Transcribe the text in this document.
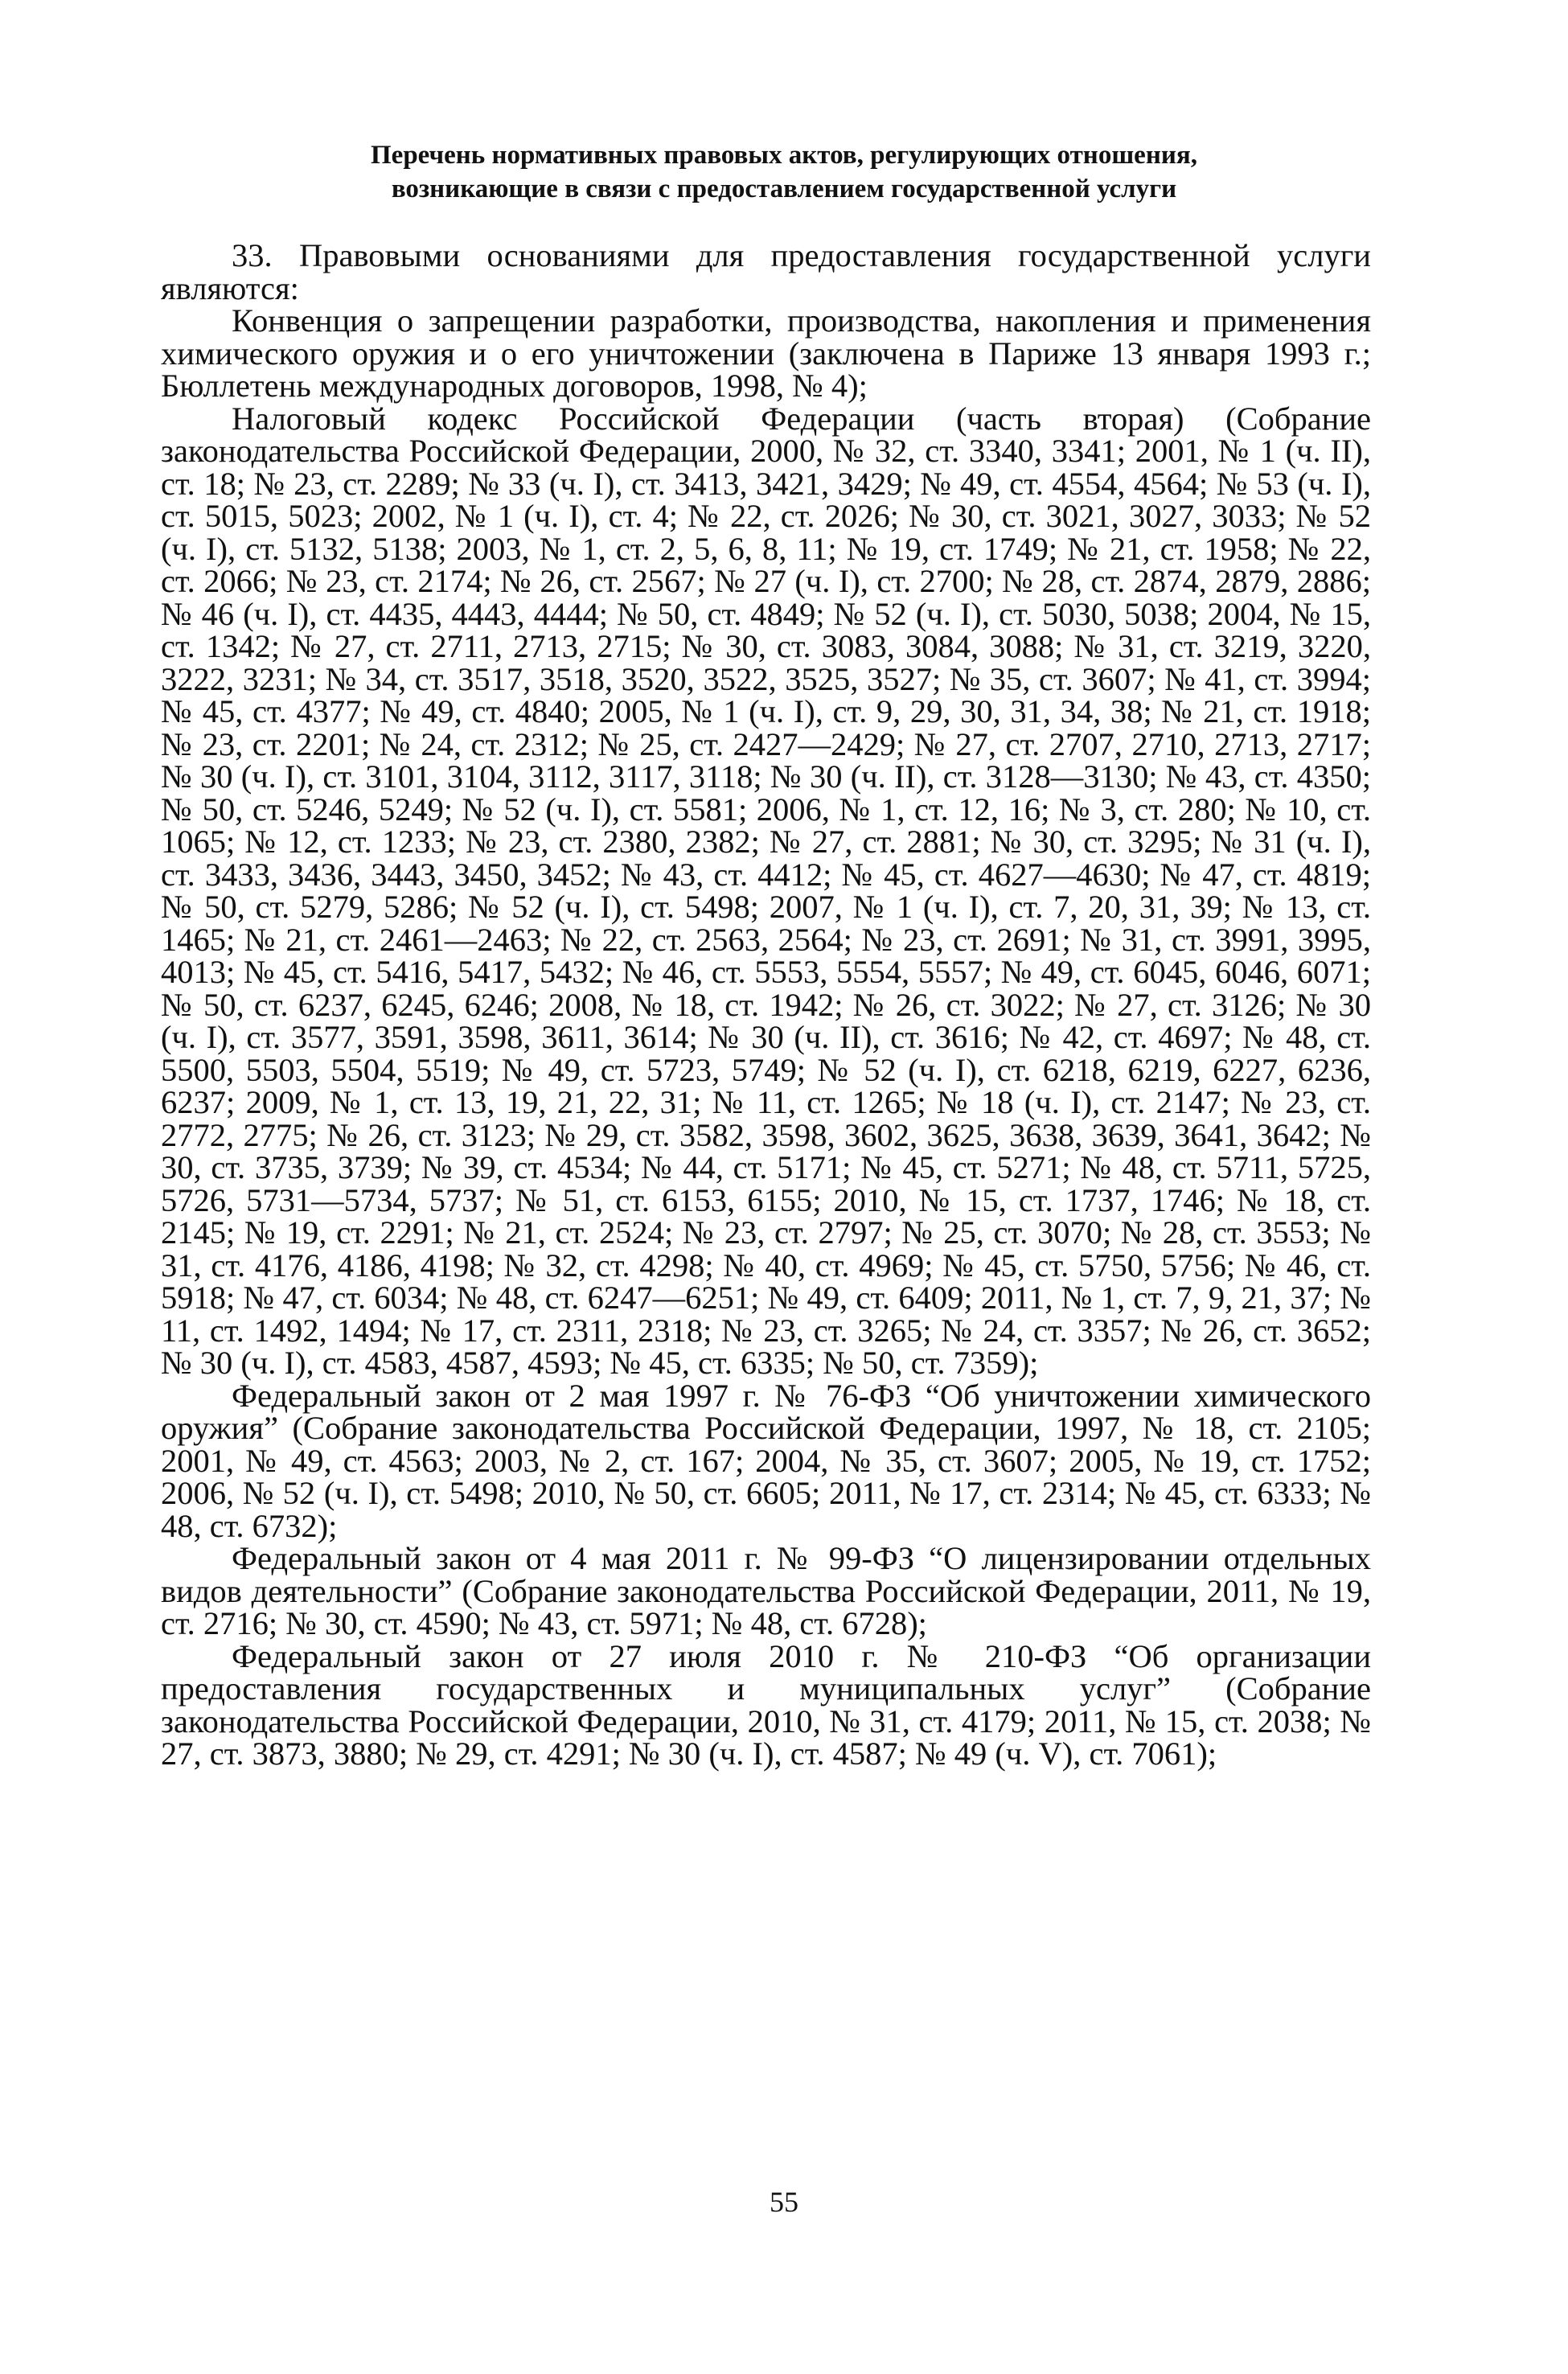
Перечень нормативных правовых актов, регулирующих отношения,
возникающие в связи с предоставлением государственной услуги

33. Правовыми основаниями для предоставления государственной услуги являются:

Конвенция о запрещении разработки, производства, накопления и применения химического оружия и о его уничтожении (заключена в Париже 13 января 1993 г.; Бюллетень международных договоров, 1998, № 4);

Налоговый кодекс Российской Федерации (часть вторая) (Собрание законодательства Российской Федерации, 2000, № 32, ст. 3340, 3341; 2001, № 1 (ч. II), ст. 18; № 23, ст. 2289; № 33 (ч. I), ст. 3413, 3421, 3429; № 49, ст. 4554, 4564; № 53 (ч. I), ст. 5015, 5023; 2002, № 1 (ч. I), ст. 4; № 22, ст. 2026; № 30, ст. 3021, 3027, 3033; № 52 (ч. I), ст. 5132, 5138; 2003, № 1, ст. 2, 5, 6, 8, 11; № 19, ст. 1749; № 21, ст. 1958; № 22, ст. 2066; № 23, ст. 2174; № 26, ст. 2567; № 27 (ч. I), ст. 2700; № 28, ст. 2874, 2879, 2886; № 46 (ч. I), ст. 4435, 4443, 4444; № 50, ст. 4849; № 52 (ч. I), ст. 5030, 5038; 2004, № 15, ст. 1342; № 27, ст. 2711, 2713, 2715; № 30, ст. 3083, 3084, 3088; № 31, ст. 3219, 3220, 3222, 3231; № 34, ст. 3517, 3518, 3520, 3522, 3525, 3527; № 35, ст. 3607; № 41, ст. 3994; № 45, ст. 4377; № 49, ст. 4840; 2005, № 1 (ч. I), ст. 9, 29, 30, 31, 34, 38; № 21, ст. 1918; № 23, ст. 2201; № 24, ст. 2312; № 25, ст. 2427—2429; № 27, ст. 2707, 2710, 2713, 2717; № 30 (ч. I), ст. 3101, 3104, 3112, 3117, 3118; № 30 (ч. II), ст. 3128—3130; № 43, ст. 4350; № 50, ст. 5246, 5249; № 52 (ч. I), ст. 5581; 2006, № 1, ст. 12, 16; № 3, ст. 280; № 10, ст. 1065; № 12, ст. 1233; № 23, ст. 2380, 2382; № 27, ст. 2881; № 30, ст. 3295; № 31 (ч. I), ст. 3433, 3436, 3443, 3450, 3452; № 43, ст. 4412; № 45, ст. 4627—4630; № 47, ст. 4819; № 50, ст. 5279, 5286; № 52 (ч. I), ст. 5498; 2007, № 1 (ч. I), ст. 7, 20, 31, 39; № 13, ст. 1465; № 21, ст. 2461—2463; № 22, ст. 2563, 2564; № 23, ст. 2691; № 31, ст. 3991, 3995, 4013; № 45, ст. 5416, 5417, 5432; № 46, ст. 5553, 5554, 5557; № 49, ст. 6045, 6046, 6071; № 50, ст. 6237, 6245, 6246; 2008, № 18, ст. 1942; № 26, ст. 3022; № 27, ст. 3126; № 30 (ч. I), ст. 3577, 3591, 3598, 3611, 3614; № 30 (ч. II), ст. 3616; № 42, ст. 4697; № 48, ст. 5500, 5503, 5504, 5519; № 49, ст. 5723, 5749; № 52 (ч. I), ст. 6218, 6219, 6227, 6236, 6237; 2009, № 1, ст. 13, 19, 21, 22, 31; № 11, ст. 1265; № 18 (ч. I), ст. 2147; № 23, ст. 2772, 2775; № 26, ст. 3123; № 29, ст. 3582, 3598, 3602, 3625, 3638, 3639, 3641, 3642; № 30, ст. 3735, 3739; № 39, ст. 4534; № 44, ст. 5171; № 45, ст. 5271; № 48, ст. 5711, 5725, 5726, 5731—5734, 5737; № 51, ст. 6153, 6155; 2010, № 15, ст. 1737, 1746; № 18, ст. 2145; № 19, ст. 2291; № 21, ст. 2524; № 23, ст. 2797; № 25, ст. 3070; № 28, ст. 3553; № 31, ст. 4176, 4186, 4198; № 32, ст. 4298; № 40, ст. 4969; № 45, ст. 5750, 5756; № 46, ст. 5918; № 47, ст. 6034; № 48, ст. 6247—6251; № 49, ст. 6409; 2011, № 1, ст. 7, 9, 21, 37; № 11, ст. 1492, 1494; № 17, ст. 2311, 2318; № 23, ст. 3265; № 24, ст. 3357; № 26, ст. 3652; № 30 (ч. I), ст. 4583, 4587, 4593; № 45, ст. 6335; № 50, ст. 7359);

Федеральный закон от 2 мая 1997 г. № 76-ФЗ “Об уничтожении химического оружия” (Собрание законодательства Российской Федерации, 1997, № 18, ст. 2105; 2001, № 49, ст. 4563; 2003, № 2, ст. 167; 2004, № 35, ст. 3607; 2005, № 19, ст. 1752; 2006, № 52 (ч. I), ст. 5498; 2010, № 50, ст. 6605; 2011, № 17, ст. 2314; № 45, ст. 6333; № 48, ст. 6732);

Федеральный закон от 4 мая 2011 г. № 99-ФЗ “О лицензировании отдельных видов деятельности” (Собрание законодательства Российской Федерации, 2011, № 19, ст. 2716; № 30, ст. 4590; № 43, ст. 5971; № 48, ст. 6728);

Федеральный закон от 27 июля 2010 г. № 210-ФЗ “Об организации предоставления государственных и муниципальных услуг” (Собрание законодательства Российской Федерации, 2010, № 31, ст. 4179; 2011, № 15, ст. 2038; № 27, ст. 3873, 3880; № 29, ст. 4291; № 30 (ч. I), ст. 4587; № 49 (ч. V), ст. 7061);

55
